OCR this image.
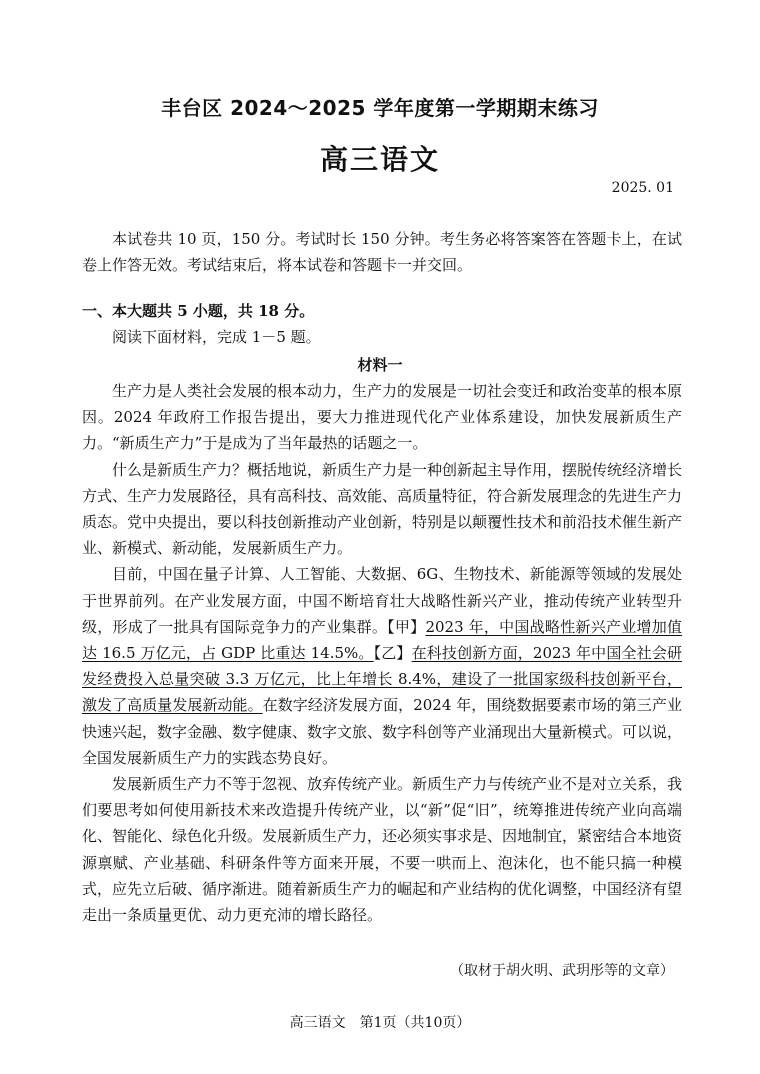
丰台区 2024～2025 学年度第一学期期末练习
高三语文
2025. 01

本试卷共 10 页，150 分。考试时长 150 分钟。考生务必将答案答在答题卡上，在试卷上作答无效。考试结束后，将本试卷和答题卡一并交回。

一、本大题共 5 小题，共 18 分。

阅读下面材料，完成 1－5 题。

材料一

生产力是人类社会发展的根本动力，生产力的发展是一切社会变迁和政治变革的根本原因。2024 年政府工作报告提出，要大力推进现代化产业体系建设，加快发展新质生产力。“新质生产力”于是成为了当年最热的话题之一。

什么是新质生产力？概括地说，新质生产力是一种创新起主导作用，摆脱传统经济增长方式、生产力发展路径，具有高科技、高效能、高质量特征，符合新发展理念的先进生产力质态。党中央提出，要以科技创新推动产业创新，特别是以颠覆性技术和前沿技术催生新产业、新模式、新动能，发展新质生产力。

目前，中国在量子计算、人工智能、大数据、6G、生物技术、新能源等领域的发展处于世界前列。在产业发展方面，中国不断培育壮大战略性新兴产业，推动传统产业转型升级，形成了一批具有国际竞争力的产业集群。【甲】2023 年，中国战略性新兴产业增加值达 16.5 万亿元，占 GDP 比重达 14.5%。【乙】在科技创新方面，2023 年中国全社会研发经费投入总量突破 3.3 万亿元，比上年增长 8.4%，建设了一批国家级科技创新平台，激发了高质量发展新动能。在数字经济发展方面，2024 年，围绕数据要素市场的第三产业快速兴起，数字金融、数字健康、数字文旅、数字科创等产业涌现出大量新模式。可以说，全国发展新质生产力的实践态势良好。

发展新质生产力不等于忽视、放弃传统产业。新质生产力与传统产业不是对立关系，我们要思考如何使用新技术来改造提升传统产业，以“新”促“旧”，统筹推进传统产业向高端化、智能化、绿色化升级。发展新质生产力，还必须实事求是、因地制宜，紧密结合本地资源禀赋、产业基础、科研条件等方面来开展，不要一哄而上、泡沫化，也不能只搞一种模式，应先立后破、循序渐进。随着新质生产力的崛起和产业结构的优化调整，中国经济有望走出一条质量更优、动力更充沛的增长路径。

（取材于胡火明、武玥彤等的文章）
高三语文　第1页（共10页）
